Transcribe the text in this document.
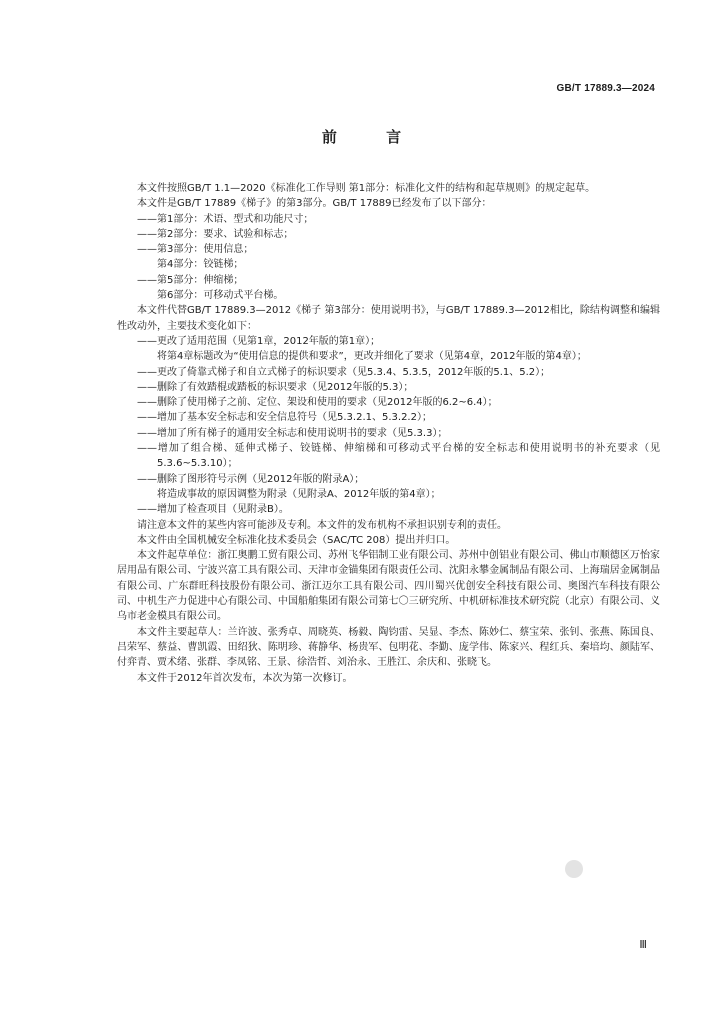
GB/T 17889.3—2024
前 言

本文件按照GB/T 1.1—2020《标准化工作导则 第1部分：标准化文件的结构和起草规则》的规定起草。

本文件是GB/T 17889《梯子》的第3部分。GB/T 17889已经发布了以下部分：

——第1部分：术语、型式和功能尺寸；

——第2部分：要求、试验和标志；

——第3部分：使用信息；

第4部分：铰链梯；

——第5部分：伸缩梯；

第6部分：可移动式平台梯。

本文件代替GB/T 17889.3—2012《梯子 第3部分：使用说明书》，与GB/T 17889.3—2012相比，除结构调整和编辑性改动外，主要技术变化如下：

——更改了适用范围（见第1章，2012年版的第1章）；

将第4章标题改为“使用信息的提供和要求”，更改并细化了要求（见第4章，2012年版的第4章）；

——更改了倚靠式梯子和自立式梯子的标识要求（见5.3.4、5.3.5，2012年版的5.1、5.2）；

——删除了有效踏棍或踏板的标识要求（见2012年版的5.3）；

——删除了使用梯子之前、定位、架设和使用的要求（见2012年版的6.2~6.4）；

——增加了基本安全标志和安全信息符号（见5.3.2.1、5.3.2.2）；

——增加了所有梯子的通用安全标志和使用说明书的要求（见5.3.3）；

——增加了组合梯、延伸式梯子、铰链梯、伸缩梯和可移动式平台梯的安全标志和使用说明书的补充要求（见5.3.6~5.3.10）；

——删除了图形符号示例（见2012年版的附录A）；

将造成事故的原因调整为附录（见附录A、2012年版的第4章）；

——增加了检查项目（见附录B）。

请注意本文件的某些内容可能涉及专利。本文件的发布机构不承担识别专利的责任。

本文件由全国机械安全标准化技术委员会（SAC/TC 208）提出并归口。

本文件起草单位：浙江奥鹏工贸有限公司、苏州飞华铝制工业有限公司、苏州中创铝业有限公司、佛山市顺德区万怡家居用品有限公司、宁波兴富工具有限公司、天津市金锚集团有限责任公司、沈阳永攀金属制品有限公司、上海瑞居金属制品有限公司、广东群旺科技股份有限公司、浙江迈尔工具有限公司、四川蜀兴优创安全科技有限公司、奥图汽车科技有限公司、中机生产力促进中心有限公司、中国船舶集团有限公司第七〇三研究所、中机研标准技术研究院（北京）有限公司、义乌市老金模具有限公司。

本文件主要起草人：兰许波、张秀卓、周晓英、杨毅、陶钧雷、吴显、李杰、陈妙仁、蔡宝荣、张钊、张燕、陈国良、吕荣军、蔡益、曹凯霞、田绍狄、陈明珍、蒋静华、杨贵军、包明花、李勤、庞学伟、陈家兴、程红兵、秦培均、颜陆军、付弈青、贾术绪、张群、李凤铭、王景、徐浩哲、刘治永、王胜江、余庆和、张晓飞。

本文件于2012年首次发布，本次为第一次修订。

Ⅲ
